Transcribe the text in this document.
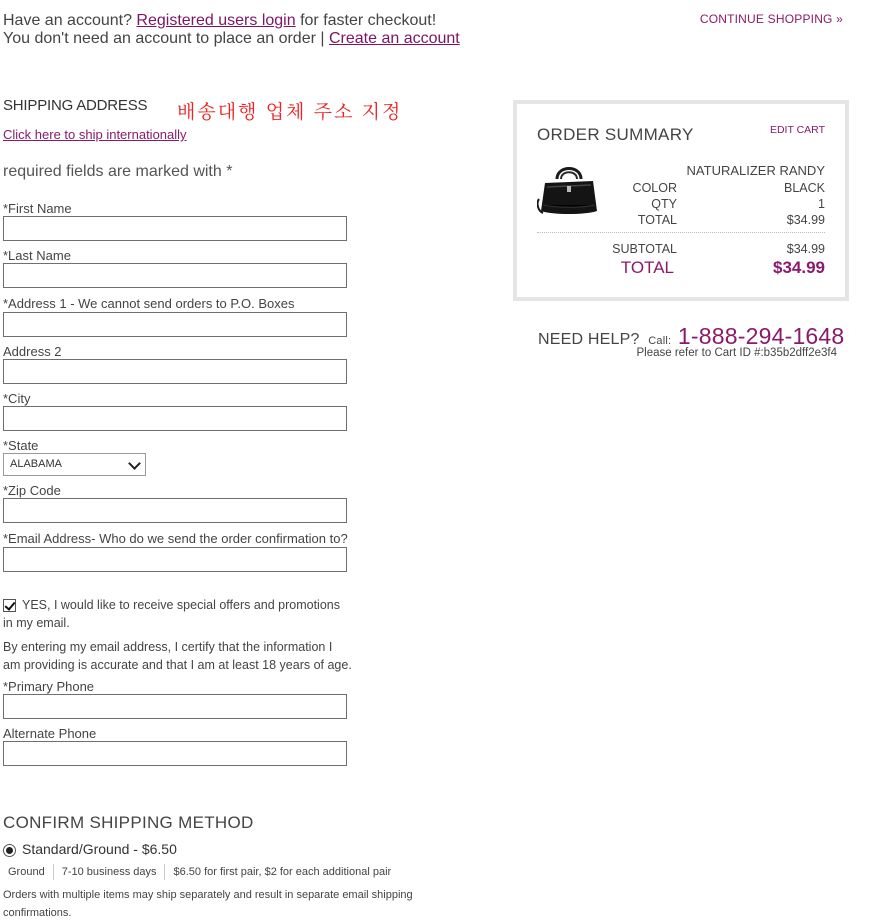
Have an account? Registered users login for faster checkout!
You don't need an account to place an order | Create an account
CONTINUE SHOPPING »
SHIPPING ADDRESS 배송대행 업체 주소 지정
Click here to ship internationally
required fields are marked with *
*First Name
*Last Name
*Address 1 - We cannot send orders to P.O. Boxes
Address 2
*City
*State
ALABAMA
*Zip Code
*Email Address- Who do we send the order confirmation to?
YES, I would like to receive special offers and promotions in my email.
By entering my email address, I certify that the information I am providing is accurate and that I am at least 18 years of age.
*Primary Phone
Alternate Phone
CONFIRM SHIPPING METHOD
Standard/Ground - $6.50
Ground	7-10 business days	$6.50 for first pair, $2 for each additional pair
Orders with multiple items may ship separately and result in separate email shipping confirmations.
ORDER SUMMARY	EDIT CART
NATURALIZER RANDY
COLOR	BLACK
QTY	1
TOTAL	$34.99
SUBTOTAL	$34.99
TOTAL	$34.99
NEED HELP? Call: 1-888-294-1648
Please refer to Cart ID #:b35b2dff2e3f4
